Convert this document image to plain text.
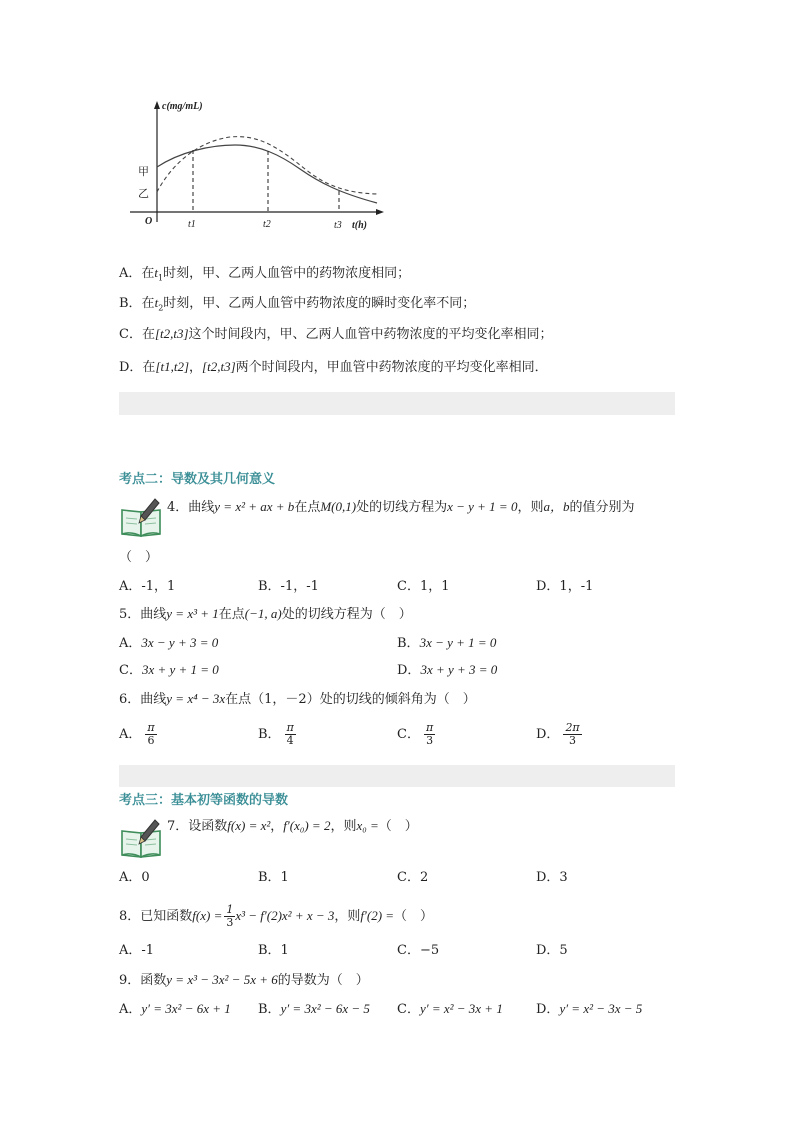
c(mg/mL)
t(h)
O
甲
乙
t1	t2	t3
A．在$t_1$时刻，甲、乙两人血管中的药物浓度相同；
B．在$t_2$时刻，甲、乙两人血管中药物浓度的瞬时变化率不同；
C．在[t2,t3]这个时间段内，甲、乙两人血管中药物浓度的平均变化率相同；
D．在[t1,t2]，[t2,t3]两个时间段内，甲血管中药物浓度的平均变化率相同．
考点二：导数及其几何意义
4．曲线y = x² + ax + b在点M(0,1)处的切线方程为x − y + 1 = 0，则a，b的值分别为
（　）
A．-1，1	B．-1，-1	C．1，1	D．1，-1
5．曲线y = x³ + 1在点(−1, a)处的切线方程为（　）
A．3x − y + 3 = 0	B．3x − y + 1 = 0
C．3x + y + 1 = 0	D．3x + y + 3 = 0
6．曲线y = x⁴ − 3x在点（1，－2）处的切线的倾斜角为（　）
A． $\frac{\pi}{6}$	B． $\frac{\pi}{4}$	C． $\frac{\pi}{3}$	D． $\frac{2\pi}{3}$
考点三：基本初等函数的导数
7．设函数f(x) = x²，f′(x₀) = 2，则x₀ =（　）
A．0	B．1	C．2	D．3
8．已知函数$f(x) = \frac{1}{3} x^3 - f'(2)x^2 + x - 3$，则f′(2) =（　）
A．-1	B．1	C．−5	D．5
9．函数y = x³ − 3x² − 5x + 6的导数为（　）
A．y′ = 3x² − 6x + 1 B．y′ = 3x² − 6x − 5 C．y′ = x² − 3x + 1	D．y′ = x² − 3x − 5
